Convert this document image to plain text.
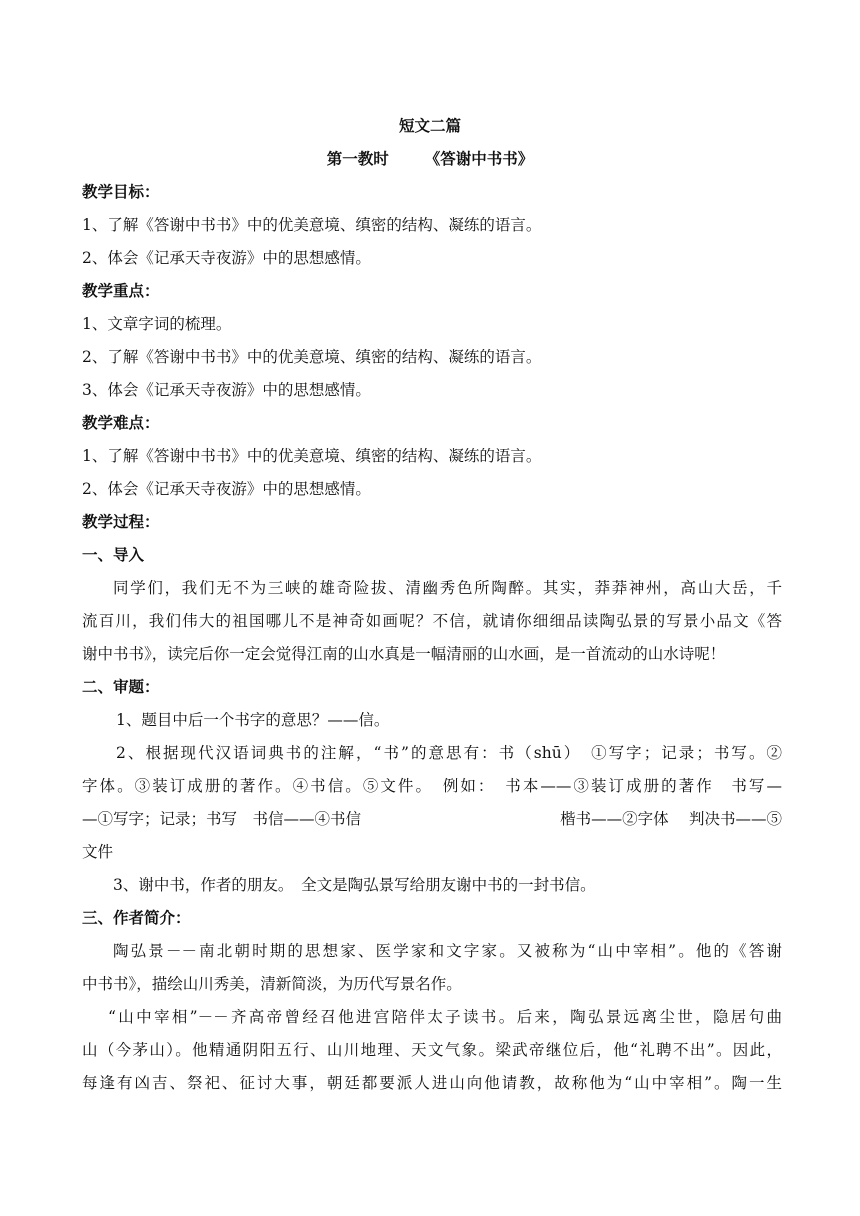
短文二篇
第一教时 《答谢中书书》
教学目标：
1、了解《答谢中书书》中的优美意境、缜密的结构、凝练的语言。
2、体会《记承天寺夜游》中的思想感情。
教学重点：
1、文章字词的梳理。
2、了解《答谢中书书》中的优美意境、缜密的结构、凝练的语言。
3、体会《记承天寺夜游》中的思想感情。
教学难点：
1、了解《答谢中书书》中的优美意境、缜密的结构、凝练的语言。
2、体会《记承天寺夜游》中的思想感情。
教学过程：
一、导入
同学们，我们无不为三峡的雄奇险拔、清幽秀色所陶醉。其实，莽莽神州，高山大岳，千
流百川，我们伟大的祖国哪儿不是神奇如画呢？不信，就请你细细品读陶弘景的写景小品文《答
谢中书书》，读完后你一定会觉得江南的山水真是一幅清丽的山水画，是一首流动的山水诗呢！
二、审题：
1、题目中后一个书字的意思？——信。
2、根据现代汉语词典书的注解，“书”的意思有：书（shū）　①写字；记录；书写。②
字体。③装订成册的著作。④书信。⑤文件。　例如：　书本——③装订成册的著作　书写—
—①写字；记录；书写　书信——④书信	楷书——②字体　 判决书——⑤
文件
3、谢中书，作者的朋友。　全文是陶弘景写给朋友谢中书的一封书信。
三、作者简介：
陶弘景－－南北朝时期的思想家、医学家和文字家。又被称为“山中宰相”。他的《答谢
中书书》，描绘山川秀美，清新简淡，为历代写景名作。
“山中宰相”－－齐高帝曾经召他进宫陪伴太子读书。后来，陶弘景远离尘世，隐居句曲
山（今茅山）。他精通阴阳五行、山川地理、天文气象。梁武帝继位后，他“礼聘不出”。因此，
每逢有凶吉、祭祀、征讨大事，朝廷都要派人进山向他请教，故称他为“山中宰相”。陶一生
